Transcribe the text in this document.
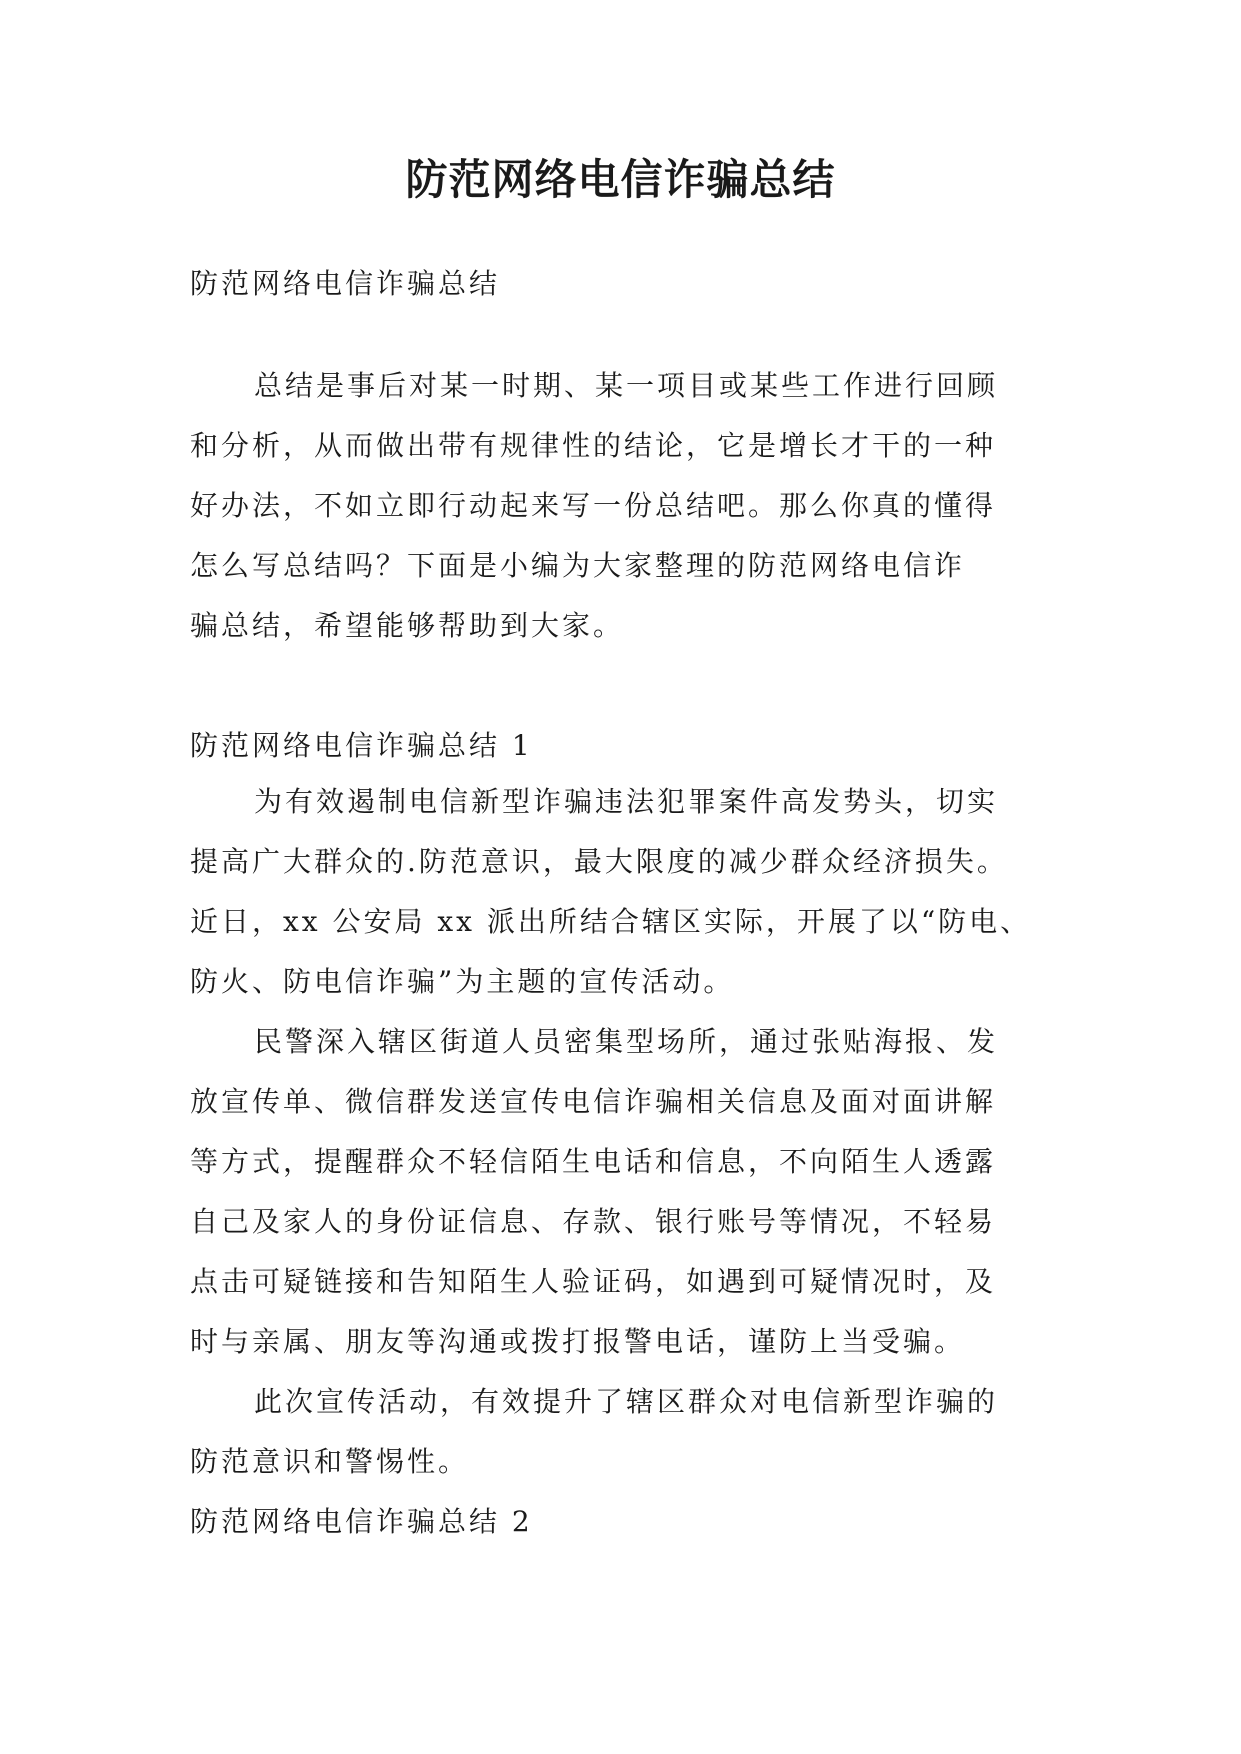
防范网络电信诈骗总结

防范网络电信诈骗总结

总结是事后对某一时期、某一项目或某些工作进行回顾
和分析，从而做出带有规律性的结论，它是增长才干的一种
好办法，不如立即行动起来写一份总结吧。那么你真的懂得
怎么写总结吗？下面是小编为大家整理的防范网络电信诈
骗总结，希望能够帮助到大家。

防范网络电信诈骗总结 1

为有效遏制电信新型诈骗违法犯罪案件高发势头，切实
提高广大群众的.防范意识，最大限度的减少群众经济损失。
近日，xx 公安局 xx 派出所结合辖区实际，开展了以“防电、
防火、防电信诈骗”为主题的宣传活动。
民警深入辖区街道人员密集型场所，通过张贴海报、发
放宣传单、微信群发送宣传电信诈骗相关信息及面对面讲解
等方式，提醒群众不轻信陌生电话和信息，不向陌生人透露
自己及家人的身份证信息、存款、银行账号等情况，不轻易
点击可疑链接和告知陌生人验证码，如遇到可疑情况时，及
时与亲属、朋友等沟通或拨打报警电话，谨防上当受骗。
此次宣传活动，有效提升了辖区群众对电信新型诈骗的
防范意识和警惕性。

防范网络电信诈骗总结 2
